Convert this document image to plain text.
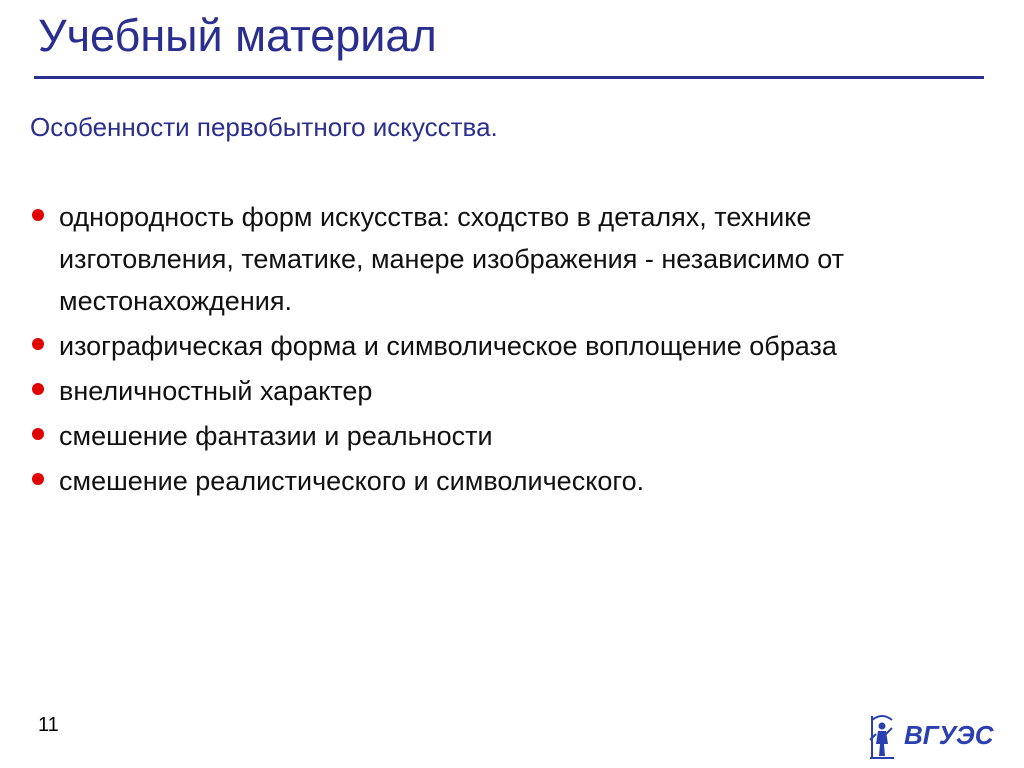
Учебный материал

Особенности первобытного искусства.

однородность форм искусства: сходство в деталях, технике изготовления, тематике, манере изображения - независимо от местонахождения.
изографическая форма и символическое воплощение образа
внеличностный характер
смешение фантазии и реальности
смешение реалистического и символического.
11	ВГУЭС
